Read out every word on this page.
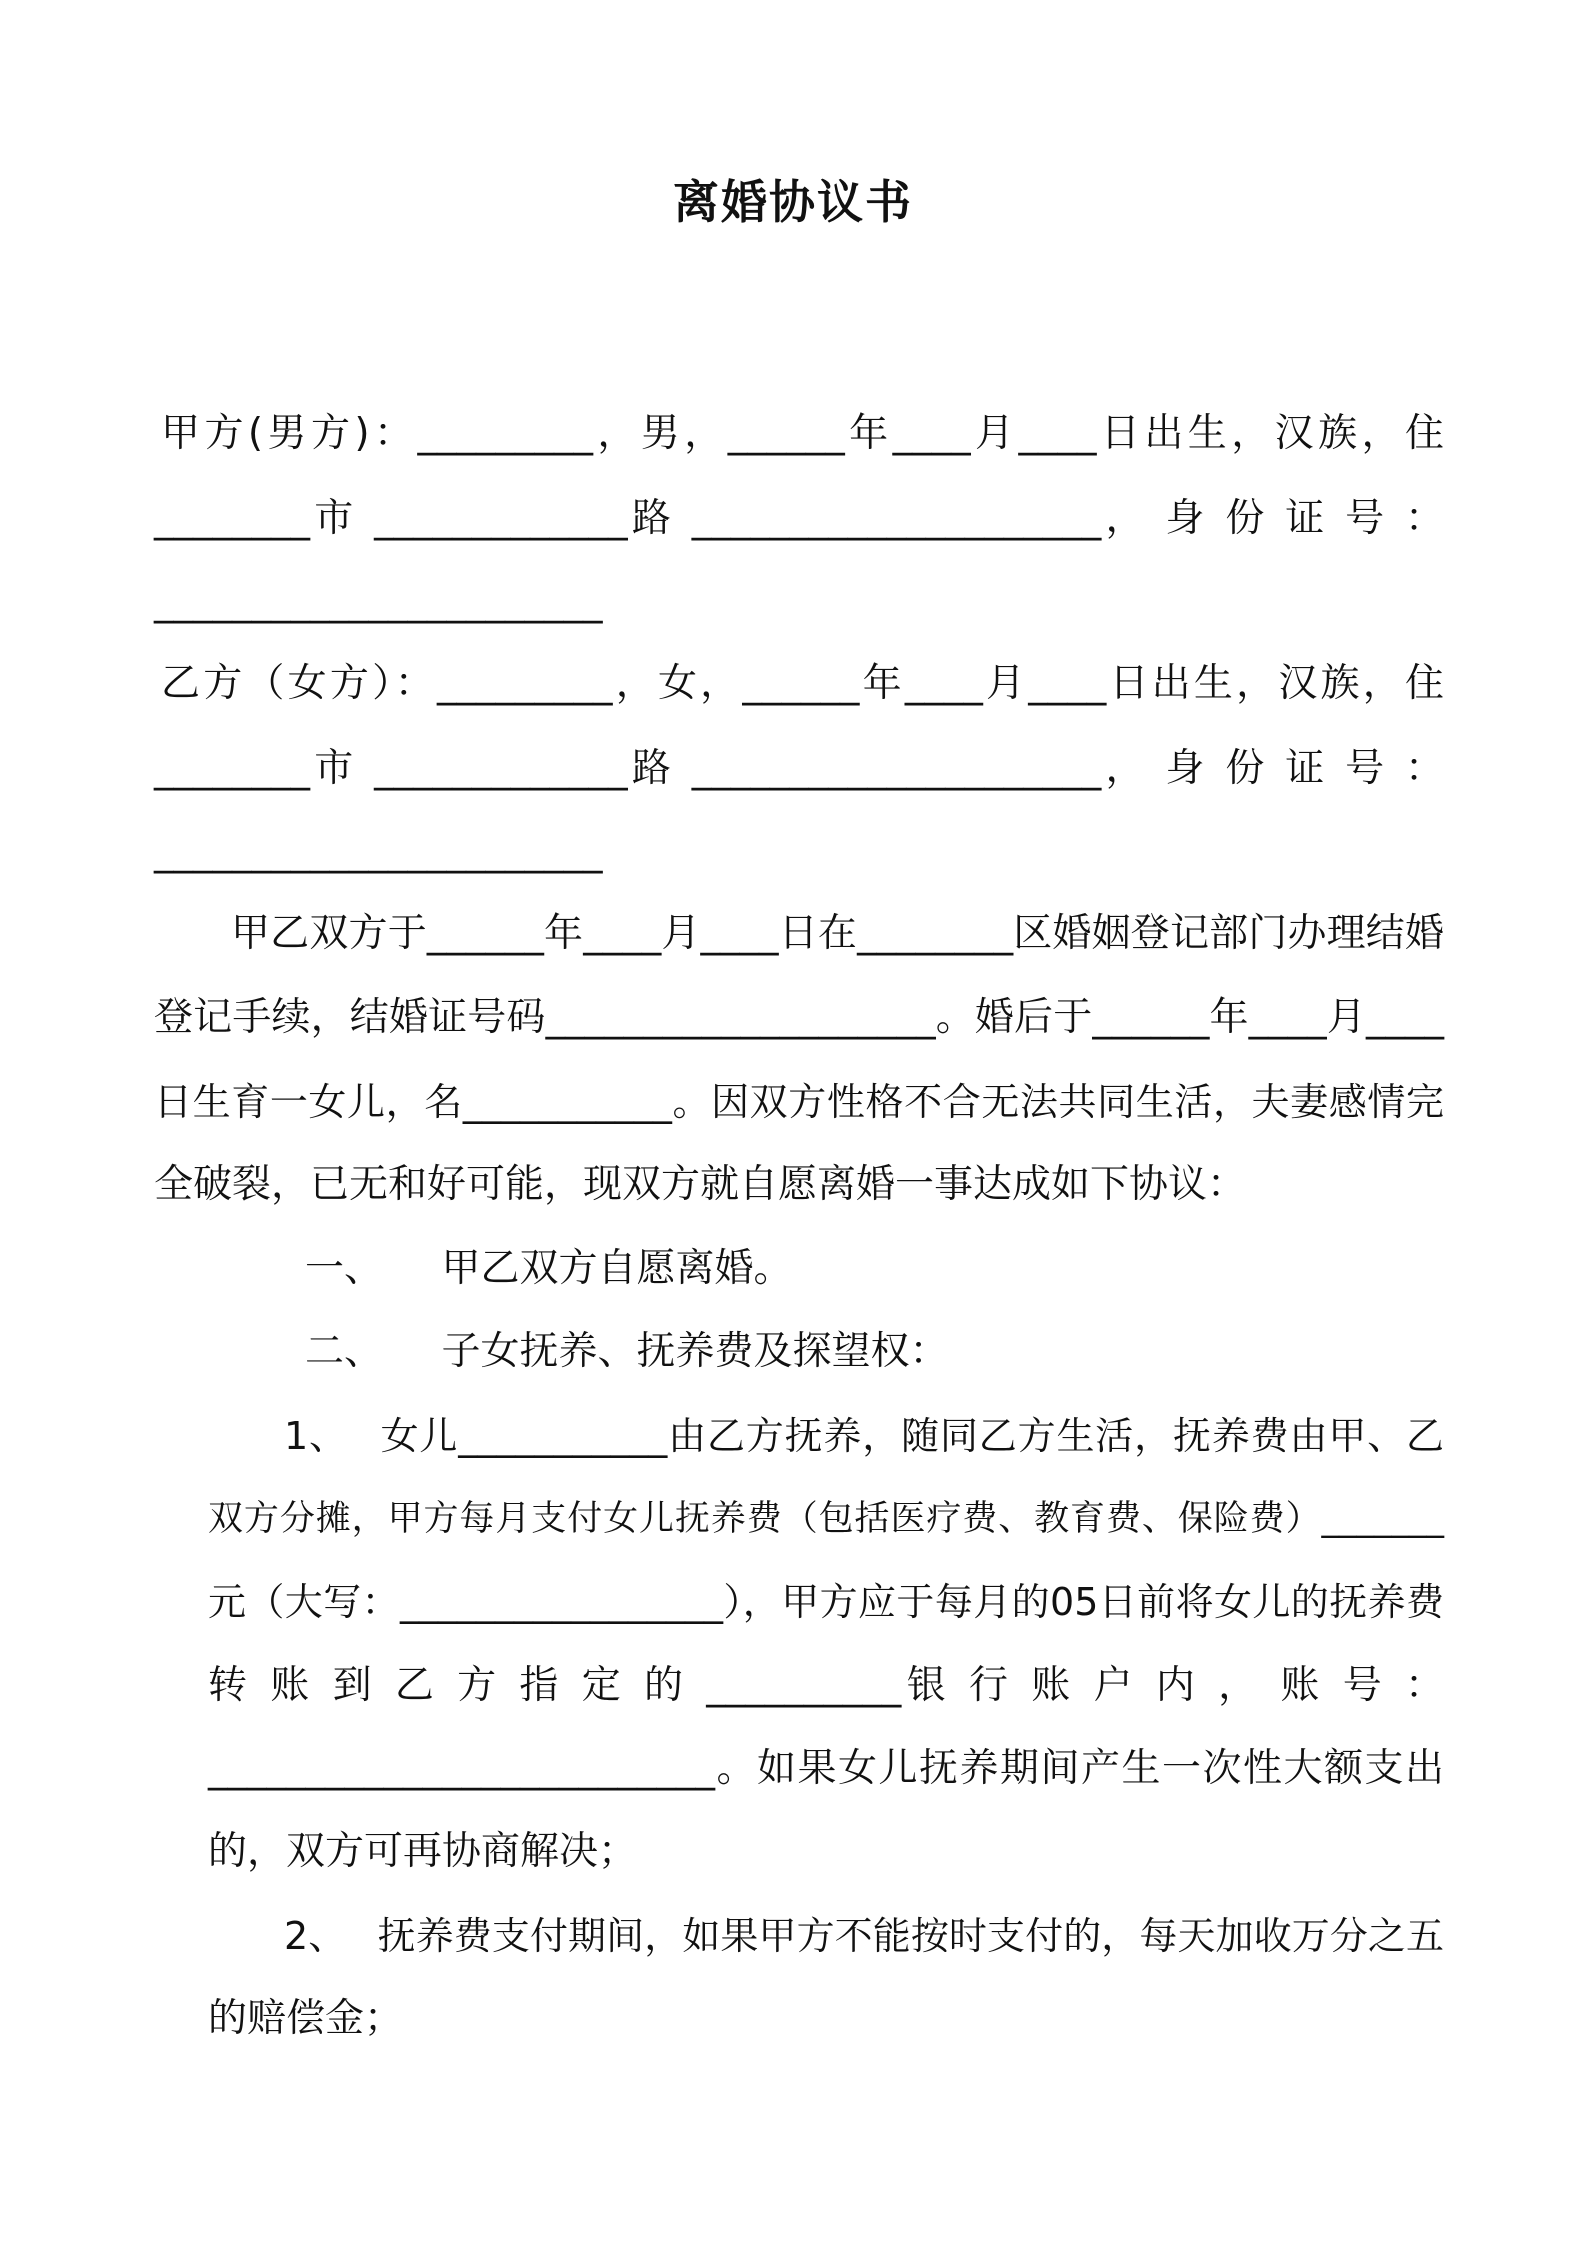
离婚协议书
甲方(男方)：_________，男，______年____月____日出生，汉族，住
________市 _____________路 _____________________， 身 份 证 号 ：
_______________________
乙方（女方）：_________，女，______年____月____日出生，汉族，住
________市 _____________路 _____________________， 身 份 证 号 ：
_______________________
甲乙双方于______年____月____日在________区婚姻登记部门办理结婚
登记手续，结婚证号码____________________。婚后于______年____月____
日生育一女儿，名___________。因双方性格不合无法共同生活，夫妻感情完
全破裂，已无和好可能，现双方就自愿离婚一事达成如下协议：
一、　　甲乙双方自愿离婚。
二、　　子女抚养、抚养费及探望权：
1、　 女儿___________由乙方抚养，随同乙方生活，抚养费由甲、乙
双方分摊，甲方每月支付女儿抚养费（包括医疗费、教育费、保险费）_______
元（大写：_________________），甲方应于每月的05日前将女儿的抚养费
转 账 到 乙 方 指 定 的 __________银 行 账 户 内 ， 账 号 ：
__________________________。如果女儿抚养期间产生一次性大额支出
的，双方可再协商解决；
2、　 抚养费支付期间，如果甲方不能按时支付的，每天加收万分之五
的赔偿金；
